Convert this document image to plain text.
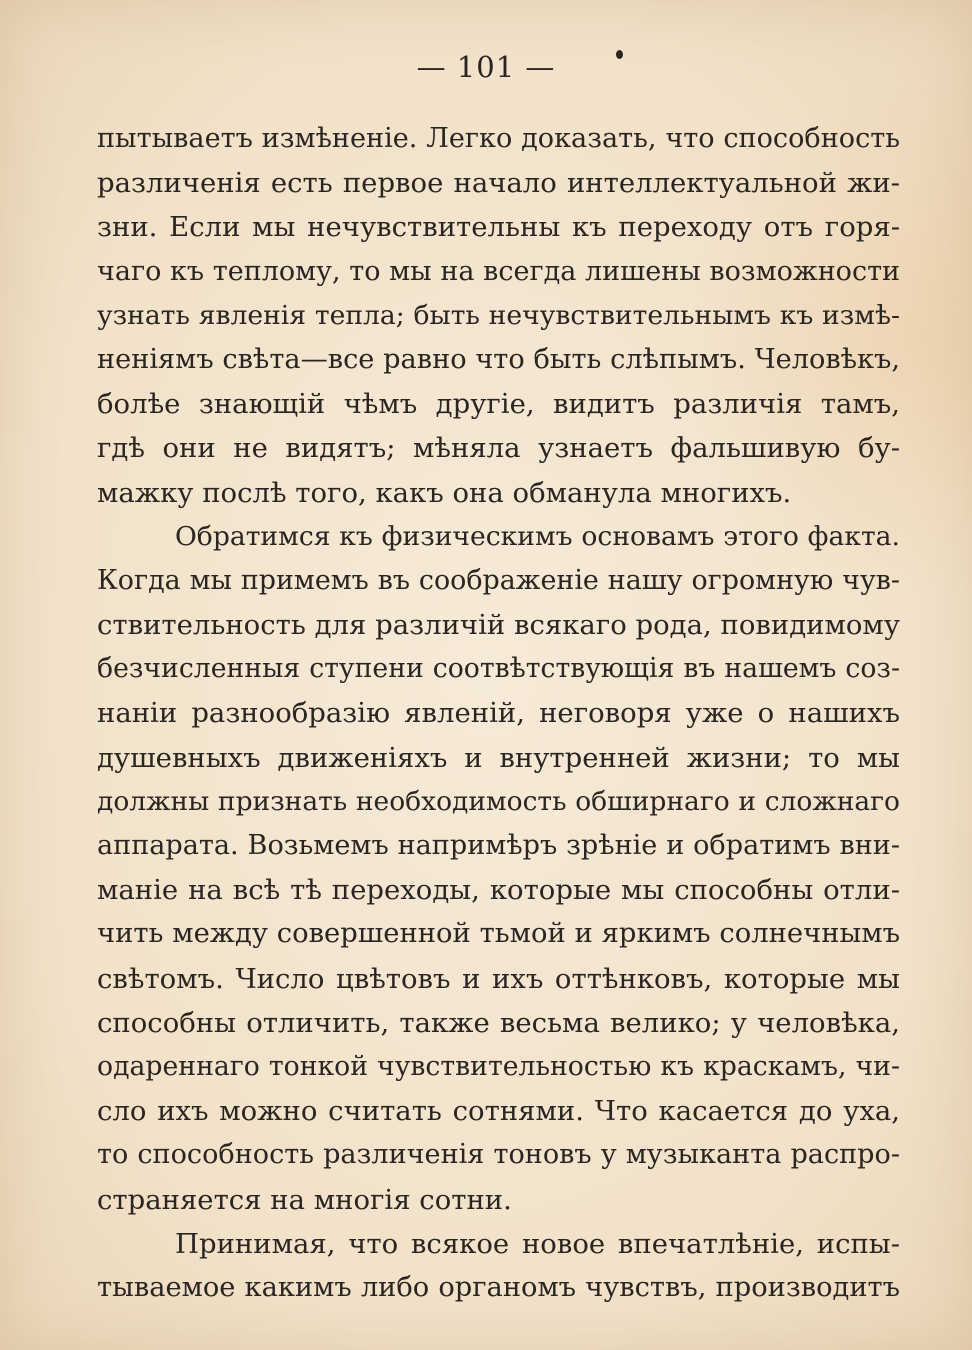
— 101 —
пытываетъ измѣненіе. Легко доказать, что способность
различенія есть первое начало интеллектуальной жи-
зни. Если мы нечувствительны къ переходу отъ горя-
чаго къ теплому, то мы на всегда лишены возможности
узнать явленія тепла; быть нечувствительнымъ къ измѣ-
неніямъ свѣта—все равно что быть слѣпымъ. Человѣкъ,
болѣе знающій чѣмъ другіе, видитъ различія тамъ,
гдѣ они не видятъ; мѣняла узнаетъ фальшивую бу-
мажку послѣ того, какъ она обманула многихъ.
Обратимся къ физическимъ основамъ этого факта.
Когда мы примемъ въ соображеніе нашу огромную чув-
ствительность для различій всякаго рода, повидимому
безчисленныя ступени соотвѣтствующія въ нашемъ соз-
наніи разнообразію явленій, неговоря уже о нашихъ
душевныхъ движеніяхъ и внутренней жизни; то мы
должны признать необходимость обширнаго и сложнаго
аппарата. Возьмемъ напримѣръ зрѣніе и обратимъ вни-
маніе на всѣ тѣ переходы, которые мы способны отли-
чить между совершенной тьмой и яркимъ солнечнымъ
свѣтомъ. Число цвѣтовъ и ихъ оттѣнковъ, которые мы
способны отличить, также весьма велико; у человѣка,
одареннаго тонкой чувствительностью къ краскамъ, чи-
сло ихъ можно считать сотнями. Что касается до уха,
то способность различенія тоновъ у музыканта распро-
страняется на многія сотни.
Принимая, что всякое новое впечатлѣніе, испы-
тываемое какимъ либо органомъ чувствъ, производитъ
